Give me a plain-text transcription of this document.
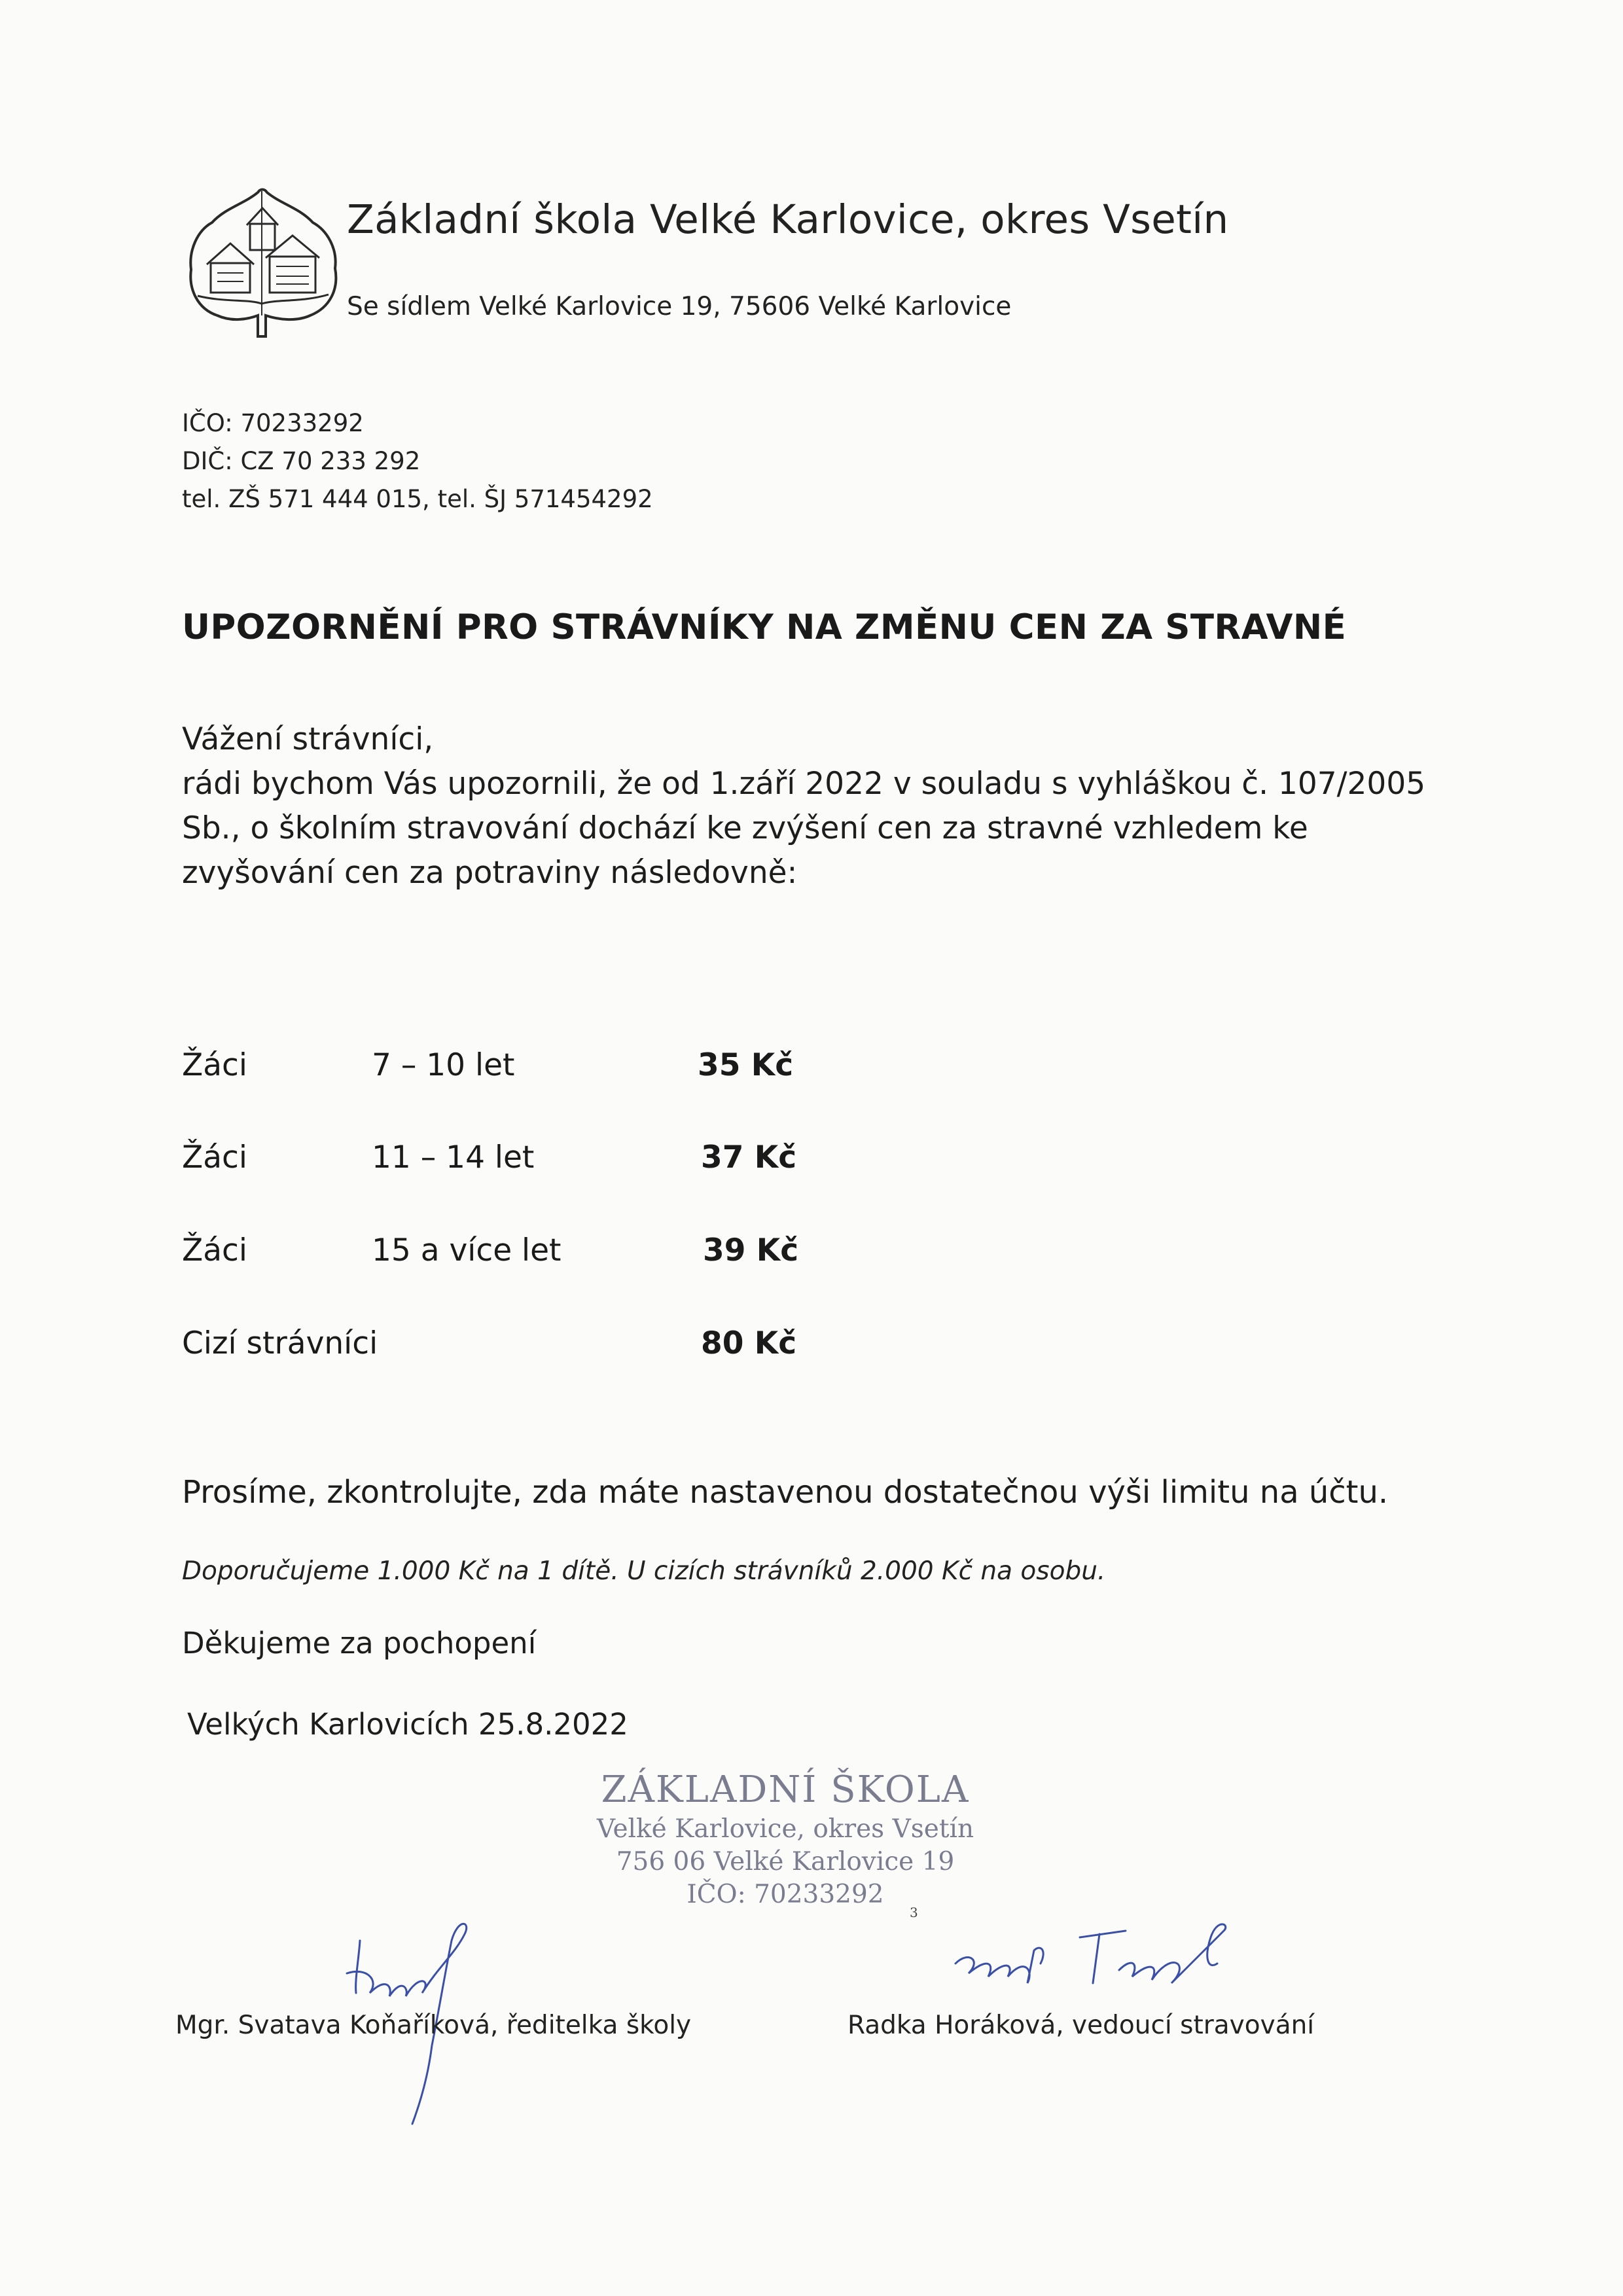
Základní škola Velké Karlovice, okres Vsetín
Se sídlem Velké Karlovice 19, 75606 Velké Karlovice
IČO: 70233292
DIČ: CZ 70 233 292
tel. ZŠ 571 444 015, tel. ŠJ 571454292
UPOZORNĚNÍ PRO STRÁVNÍKY NA ZMĚNU CEN ZA STRAVNÉ
Vážení strávníci,
rádi bychom Vás upozornili, že od 1.září 2022 v souladu s vyhláškou č. 107/2005
Sb., o školním stravování dochází ke zvýšení cen za stravné vzhledem ke
zvyšování cen za potraviny následovně:
Žáci	7 – 10 let	35 Kč
Žáci	11 – 14 let	37 Kč
Žáci	15 a více let	39 Kč
Cizí strávníci	80 Kč
Prosíme, zkontrolujte, zda máte nastavenou dostatečnou výši limitu na účtu.
Doporučujeme 1.000 Kč na 1 dítě. U cizích strávníků 2.000 Kč na osobu.
Děkujeme za pochopení
Velkých Karlovicích 25.8.2022
ZÁKLADNÍ ŠKOLA
Velké Karlovice, okres Vsetín
756 06 Velké Karlovice 19
IČO: 70233292
3
Mgr. Svatava Koňaříková, ředitelka školy	Radka Horáková, vedoucí stravování
